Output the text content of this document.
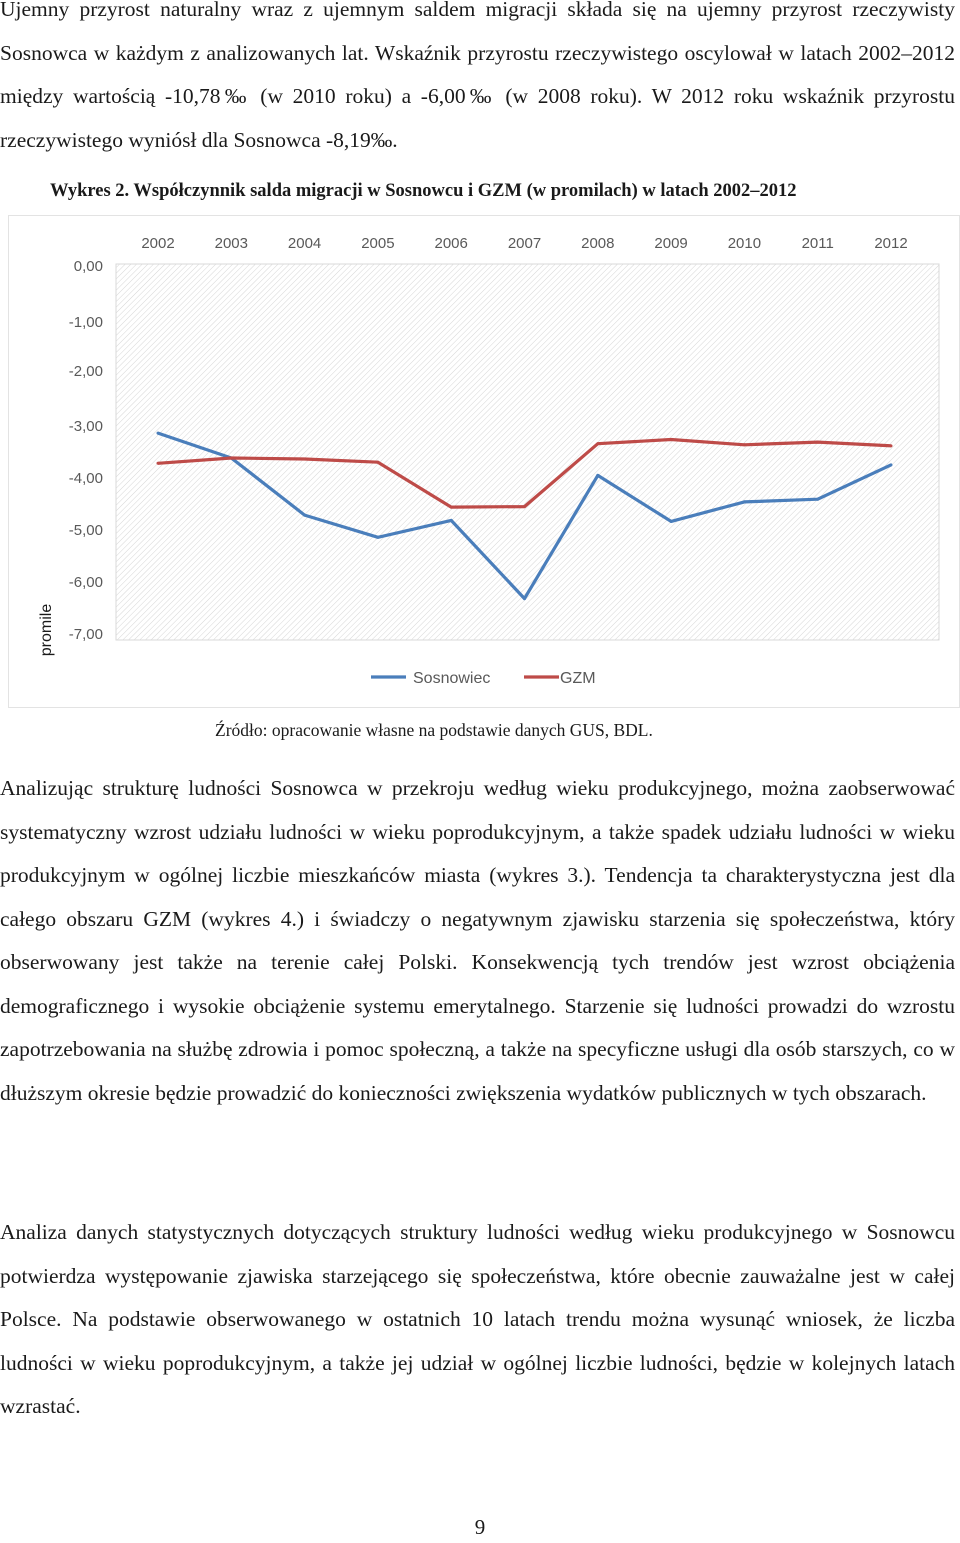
Ujemny przyrost naturalny wraz z ujemnym saldem migracji składa się na ujemny przyrost rzeczywisty Sosnowca w każdym z analizowanych lat. Wskaźnik przyrostu rzeczywistego oscylował w latach 2002–2012 między wartością -10,78‰ (w 2010 roku) a -6,00‰ (w 2008 roku). W 2012 roku wskaźnik przyrostu rzeczywistego wyniósł dla Sosnowca -8,19‰.

Wykres 2. Współczynnik salda migracji w Sosnowcu i GZM (w promilach) w latach 2002–2012

2002	2003	2004	2005	2006	2007	2008	2009	2010	2011	2012
0,00
-1,00
-2,00
-3,00
-4,00
-5,00
-6,00
-7,00
promile
Sosnowiec	GZM

Źródło: opracowanie własne na podstawie danych GUS, BDL.

Analizując strukturę ludności Sosnowca w przekroju według wieku produkcyjnego, można zaobserwować systematyczny wzrost udziału ludności w wieku poprodukcyjnym, a także spadek udziału ludności w wieku produkcyjnym w ogólnej liczbie mieszkańców miasta (wykres 3.). Tendencja ta charakterystyczna jest dla całego obszaru GZM (wykres 4.) i świadczy o negatywnym zjawisku starzenia się społeczeństwa, który obserwowany jest także na terenie całej Polski. Konsekwencją tych trendów jest wzrost obciążenia demograficznego i wysokie obciążenie systemu emerytalnego. Starzenie się ludności prowadzi do wzrostu zapotrzebowania na służbę zdrowia i pomoc społeczną, a także na specyficzne usługi dla osób starszych, co w dłuższym okresie będzie prowadzić do konieczności zwiększenia wydatków publicznych w tych obszarach.

Analiza danych statystycznych dotyczących struktury ludności według wieku produkcyjnego w Sosnowcu potwierdza występowanie zjawiska starzejącego się społeczeństwa, które obecnie zauważalne jest w całej Polsce. Na podstawie obserwowanego w ostatnich 10 latach trendu można wysunąć wniosek, że liczba ludności w wieku poprodukcyjnym, a także jej udział w ogólnej liczbie ludności, będzie w kolejnych latach wzrastać.

9
